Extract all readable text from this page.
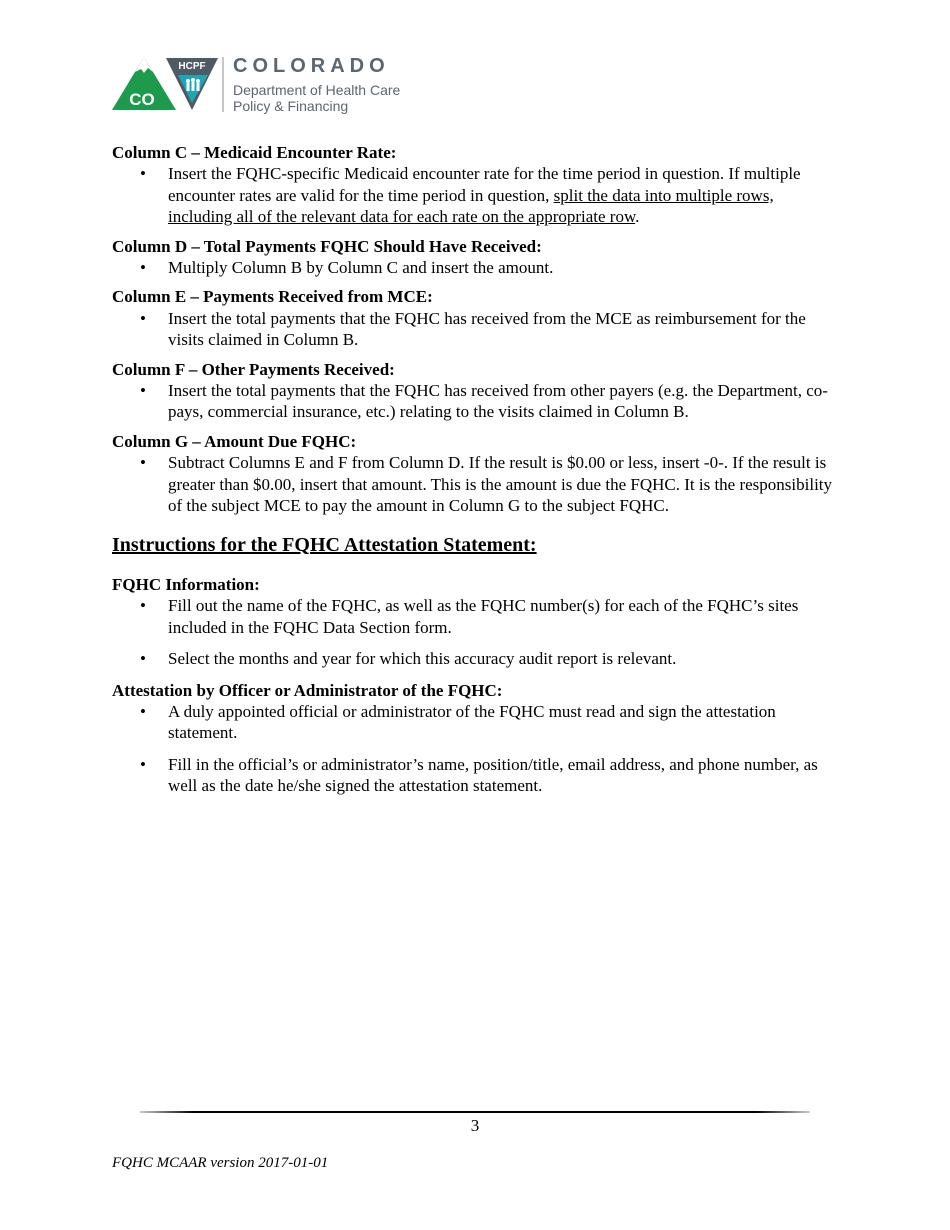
HCPF
CO
COLORADO
Department of Health Care
Policy & Financing

Column C – Medicaid Encounter Rate:

• Insert the FQHC-specific Medicaid encounter rate for the time period in question. If multiple encounter rates are valid for the time period in question, split the data into multiple rows, including all of the relevant data for each rate on the appropriate row.

Column D – Total Payments FQHC Should Have Received:

• Multiply Column B by Column C and insert the amount.

Column E – Payments Received from MCE:

• Insert the total payments that the FQHC has received from the MCE as reimbursement for the visits claimed in Column B.

Column F – Other Payments Received:

• Insert the total payments that the FQHC has received from other payers (e.g. the Department, co-pays, commercial insurance, etc.) relating to the visits claimed in Column B.

Column G – Amount Due FQHC:

• Subtract Columns E and F from Column D. If the result is $0.00 or less, insert -0-. If the result is greater than $0.00, insert that amount. This is the amount is due the FQHC. It is the responsibility of the subject MCE to pay the amount in Column G to the subject FQHC.
Instructions for the FQHC Attestation Statement:

FQHC Information:

• Fill out the name of the FQHC, as well as the FQHC number(s) for each of the FQHC’s sites included in the FQHC Data Section form.
• Select the months and year for which this accuracy audit report is relevant.

Attestation by Officer or Administrator of the FQHC:

• A duly appointed official or administrator of the FQHC must read and sign the attestation statement.
• Fill in the official’s or administrator’s name, position/title, email address, and phone number, as well as the date he/she signed the attestation statement.
3
FQHC MCAAR version 2017-01-01
